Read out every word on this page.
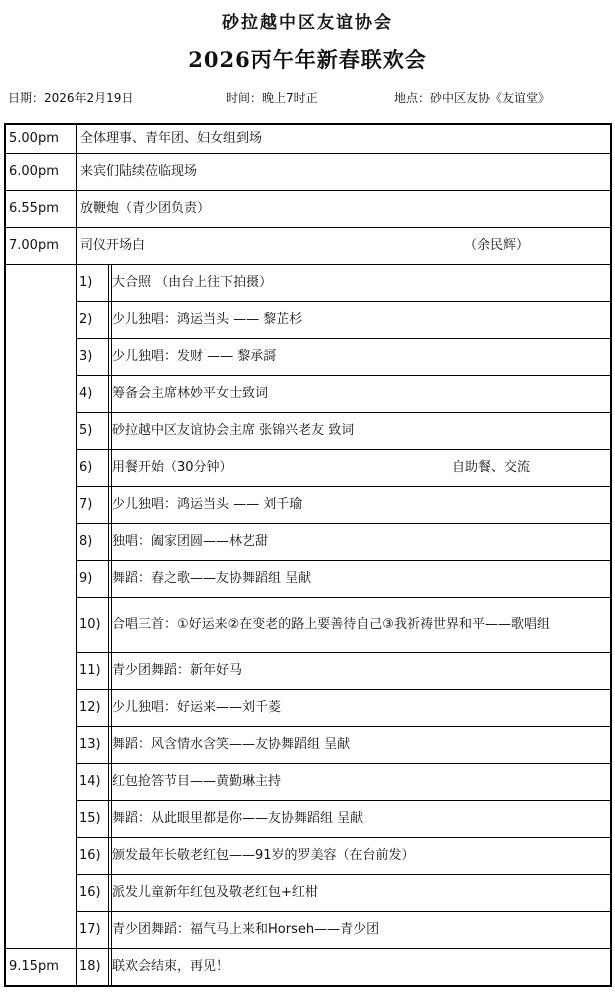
砂拉越中区友谊协会
2026丙午年新春联欢会
日期：2026年2月19日	时间：晚上7时正	地点：砂中区友协《友谊堂》
5.00pm	全体理事、青年团、妇女组到场
6.00pm	来宾们陆续莅临现场
6.55pm	放鞭炮（青少团负责）
7.00pm	司仪开场白	（余民辉）
1)	大合照 （由台上往下拍摄）
2)	少儿独唱：鸿运当头 —— 黎芷杉
3)	少儿独唱：发财 —— 黎承謌
4)	筹备会主席林妙平女士致词
5)	砂拉越中区友谊协会主席 张锦兴老友 致词
6)	用餐开始（30分钟）	自助餐、交流
7)	少儿独唱：鸿运当头 —— 刘千瑜
8)	独唱：阖家团圆——林艺甜
9)	舞蹈：春之歌——友协舞蹈组 呈献
10) 合唱三首：①好运来②在变老的路上要善待自己③我祈祷世界和平——歌唱组
11) 青少团舞蹈：新年好马
12) 少儿独唱：好运来——刘千菱
13) 舞蹈：风含情水含笑——友协舞蹈组 呈献
14) 红包抢答节目——黄勤琳主持
15) 舞蹈：从此眼里都是你——友协舞蹈组 呈献
16) 颁发最年长敬老红包——91岁的罗美容（在台前发）
16) 派发儿童新年红包及敬老红包+红柑
17) 青少团舞蹈：福气马上来和Horseh——青少团
9.15pm	18) 联欢会结束，再见！
